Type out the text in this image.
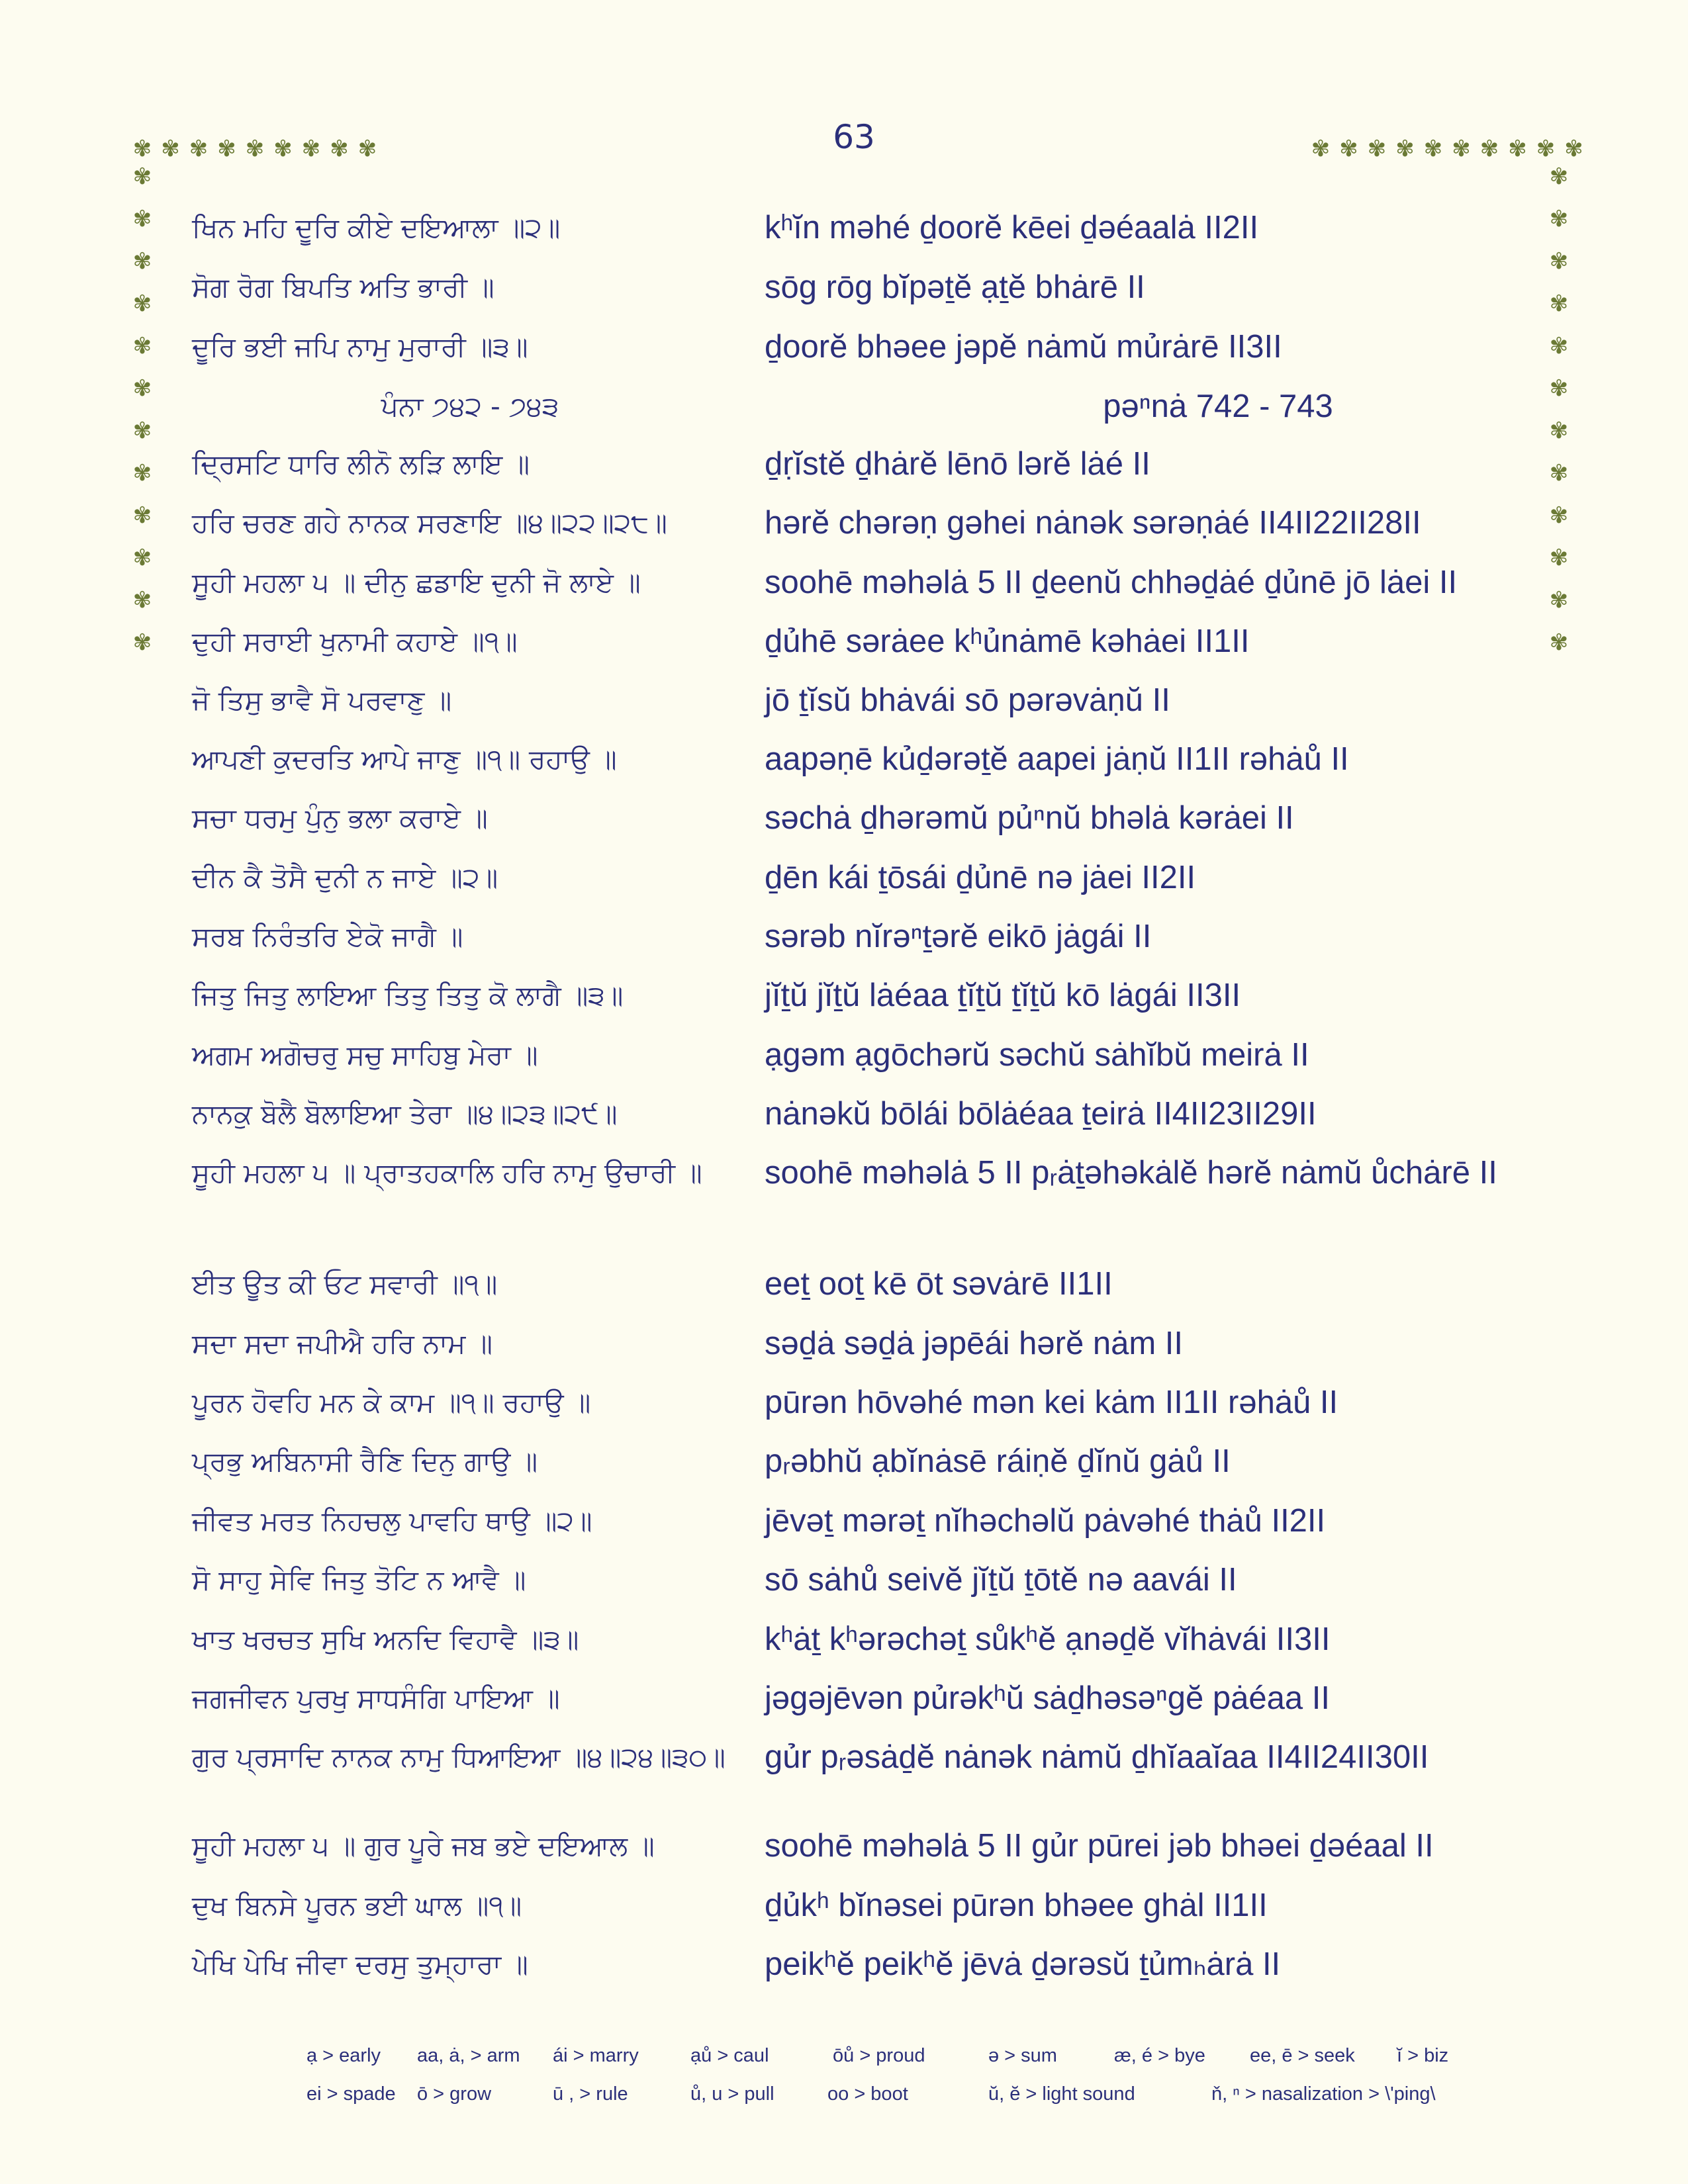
63
✾ ✾ ✾ ✾ ✾ ✾ ✾ ✾ ✾	✾ ✾ ✾ ✾ ✾ ✾ ✾ ✾ ✾ ✾
✾
✾
✾
✾
✾
✾
✾
✾
✾
✾
✾
✾
✾
✾
✾
✾
✾
✾
✾
✾
✾
✾
✾
✾
ਖਿਨ ਮਹਿ ਦੂਰਿ ਕੀਏ ਦਇਆਲਾ ॥੨॥	kʰĭn məhé ḏoorĕ kēei ḏəéaalȧ II2II
ਸੋਗ ਰੋਗ ਬਿਪਤਿ ਅਤਿ ਭਾਰੀ ॥	sōg rōg bĭpəṯĕ ạṯĕ bhȧrē II
ਦੂਰਿ ਭਈ ਜਪਿ ਨਾਮੁ ਮੁਰਾਰੀ ॥੩॥	ḏoorĕ bhəee jəpĕ nȧmŭ mủrȧrē II3II
ਪੰਨਾ ੭੪੨ - ੭੪੩	pəⁿnȧ 742 - 743
ਦ੍ਰਿਸਟਿ ਧਾਰਿ ਲੀਨੋ ਲੜਿ ਲਾਇ ॥	ḏṛĭstĕ ḏhȧrĕ lēnō lərĕ lȧé II
ਹਰਿ ਚਰਣ ਗਹੇ ਨਾਨਕ ਸਰਣਾਇ ॥੪॥੨੨॥੨੮॥	hərĕ chərəṇ gəhei nȧnək sərəṇȧé II4II22II28II
ਸੂਹੀ ਮਹਲਾ ੫ ॥ ਦੀਨੁ ਛਡਾਇ ਦੁਨੀ ਜੋ ਲਾਏ ॥	soohē məhəlȧ 5 II ḏeenŭ chhəḏȧé ḏủnē jō lȧei II
ਦੁਹੀ ਸਰਾਈ ਖੁਨਾਮੀ ਕਹਾਏ ॥੧॥	ḏủhē sərȧee kʰủnȧmē kəhȧei II1II
ਜੋ ਤਿਸੁ ਭਾਵੈ ਸੋ ਪਰਵਾਣੁ ॥	jō ṯĭsŭ bhȧvái sō pərəvȧṇŭ II
ਆਪਣੀ ਕੁਦਰਤਿ ਆਪੇ ਜਾਣੁ ॥੧॥ ਰਹਾਉ ॥	aapəṇē kủḏərəṯĕ aapei jȧṇŭ II1II rəhȧů II
ਸਚਾ ਧਰਮੁ ਪੁੰਨੁ ਭਲਾ ਕਰਾਏ ॥	səchȧ ḏhərəmŭ pủⁿnŭ bhəlȧ kərȧei II
ਦੀਨ ਕੈ ਤੋਸੈ ਦੁਨੀ ਨ ਜਾਏ ॥੨॥	ḏēn kái ṯōsái ḏủnē nə jȧei II2II
ਸਰਬ ਨਿਰੰਤਰਿ ਏਕੋ ਜਾਗੈ ॥	sərəb nĭrəⁿṯərĕ eikō jȧgái II
ਜਿਤੁ ਜਿਤੁ ਲਾਇਆ ਤਿਤੁ ਤਿਤੁ ਕੋ ਲਾਗੈ ॥੩॥	jĭṯŭ jĭṯŭ lȧéaa ṯĭṯŭ ṯĭṯŭ kō lȧgái II3II
ਅਗਮ ਅਗੋਚਰੁ ਸਚੁ ਸਾਹਿਬੁ ਮੇਰਾ ॥	ạgəm ạgōchərŭ səchŭ sȧhĭbŭ meirȧ II
ਨਾਨਕੁ ਬੋਲੈ ਬੋਲਾਇਆ ਤੇਰਾ ॥੪॥੨੩॥੨੯॥	nȧnəkŭ bōlái bōlȧéaa ṯeirȧ II4II23II29II
ਸੂਹੀ ਮਹਲਾ ੫ ॥ ਪ੍ਰਾਤਹਕਾਲਿ ਹਰਿ ਨਾਮੁ ਉਚਾਰੀ ॥	soohē məhəlȧ 5 II pᵣȧṯəhəkȧlĕ hərĕ nȧmŭ ůchȧrē II
ਈਤ ਊਤ ਕੀ ਓਟ ਸਵਾਰੀ ॥੧॥	eeṯ ooṯ kē ōt səvȧrē II1II
ਸਦਾ ਸਦਾ ਜਪੀਐ ਹਰਿ ਨਾਮ ॥	səḏȧ səḏȧ jəpēái hərĕ nȧm II
ਪੂਰਨ ਹੋਵਹਿ ਮਨ ਕੇ ਕਾਮ ॥੧॥ ਰਹਾਉ ॥	pūrən hōvəhé mən kei kȧm II1II rəhȧů II
ਪ੍ਰਭੁ ਅਬਿਨਾਸੀ ਰੈਣਿ ਦਿਨੁ ਗਾਉ ॥	pᵣəbhŭ ạbĭnȧsē ráiṇĕ ḏĭnŭ gȧů II
ਜੀਵਤ ਮਰਤ ਨਿਹਚਲੁ ਪਾਵਹਿ ਥਾਉ ॥੨॥	jēvəṯ mərəṯ nĭhəchəlŭ pȧvəhé thȧů II2II
ਸੋ ਸਾਹੁ ਸੇਵਿ ਜਿਤੁ ਤੋਟਿ ਨ ਆਵੈ ॥	sō sȧhů seivĕ jĭṯŭ ṯōtĕ nə aavái II
ਖਾਤ ਖਰਚਤ ਸੁਖਿ ਅਨਦਿ ਵਿਹਾਵੈ ॥੩॥	kʰȧṯ kʰərəchəṯ sůkʰĕ ạnəḏĕ vĭhȧvái II3II
ਜਗਜੀਵਨ ਪੁਰਖੁ ਸਾਧਸੰਗਿ ਪਾਇਆ ॥	jəgəjēvən pủrəkʰŭ sȧḏhəsəⁿgĕ pȧéaa II
ਗੁਰ ਪ੍ਰਸਾਦਿ ਨਾਨਕ ਨਾਮੁ ਧਿਆਇਆ ॥੪॥੨੪॥੩੦॥ gủr pᵣəsȧḏĕ nȧnək nȧmŭ ḏhĭaaĭaa II4II24II30II
ਸੂਹੀ ਮਹਲਾ ੫ ॥ ਗੁਰ ਪੂਰੇ ਜਬ ਭਏ ਦਇਆਲ ॥	soohē məhəlȧ 5 II gủr pūrei jəb bhəei ḏəéaal II
ਦੁਖ ਬਿਨਸੇ ਪੂਰਨ ਭਈ ਘਾਲ ॥੧॥	ḏủkʰ bĭnəsei pūrən bhəee ghȧl II1II
ਪੇਖਿ ਪੇਖਿ ਜੀਵਾ ਦਰਸੁ ਤੁਮ੍ਹਾਰਾ ॥	peikʰĕ peikʰĕ jēvȧ ḏərəsŭ ṯủmₕȧrȧ II
ạ > early aa, ȧ, > arm ái > marry	ạů > caul	ōů > proud	ə > sum	æ, é > bye ee, ē > seek ĭ > biz
ei > spade ō > grow	ū , > rule	ů, u > pull	oo > boot	ŭ, ĕ > light sound	ň, ⁿ > nasalization > \'ping\
